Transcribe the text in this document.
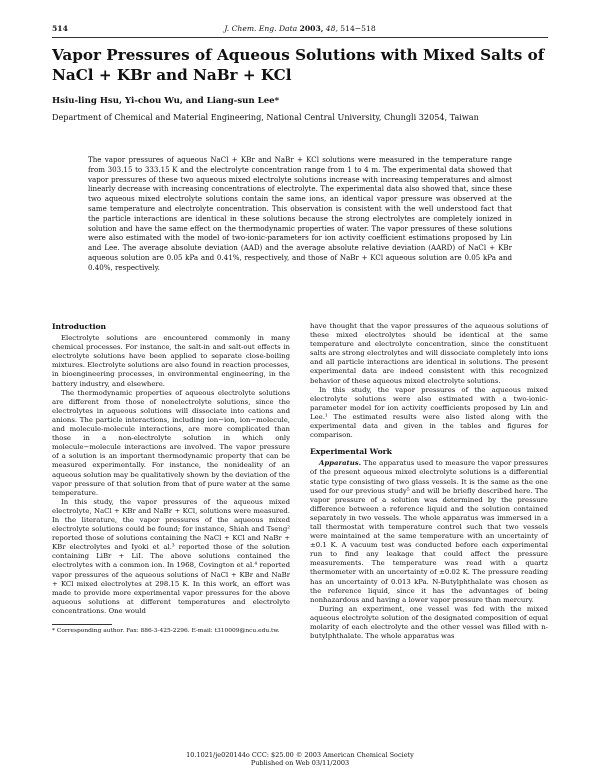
514	J. Chem. Eng. Data 2003, 48, 514−518
Vapor Pressures of Aqueous Solutions with Mixed Salts of NaCl + KBr and NaBr + KCl
Hsiu-ling Hsu, Yi-chou Wu, and Liang-sun Lee*
Department of Chemical and Material Engineering, National Central University, Chungli 32054, Taiwan

The vapor pressures of aqueous NaCl + KBr and NaBr + KCl solutions were measured in the temperature range from 303.15 to 333.15 K and the electrolyte concentration range from 1 to 4 m. The experimental data showed that vapor pressures of these two aqueous mixed electrolyte solutions increase with increasing temperatures and almost linearly decrease with increasing concentrations of electrolyte. The experimental data also showed that, since these two aqueous mixed electrolyte solutions contain the same ions, an identical vapor pressure was observed at the same temperature and electrolyte concentration. This observation is consistent with the well understood fact that the particle interactions are identical in these solutions because the strong electrolytes are completely ionized in solution and have the same effect on the thermodynamic properties of water. The vapor pressures of these solutions were also estimated with the model of two-ionic-parameters for ion activity coefficient estimations proposed by Lin and Lee. The average absolute deviation (AAD) and the average absolute relative deviation (AARD) of NaCl + KBr aqueous solution are 0.05 kPa and 0.41%, respectively, and those of NaBr + KCl aqueous solution are 0.05 kPa and 0.40%, respectively.

Introduction

Electrolyte solutions are encountered commonly in many chemical processes. For instance, the salt-in and salt-out effects in electrolyte solutions have been applied to separate close-boiling mixtures. Electrolyte solutions are also found in reaction processes, in bioengineering processes, in environmental engineering, in the battery industry, and elsewhere.

The thermodynamic properties of aqueous electrolyte solutions are different from those of nonelectrolyte solutions, since the electrolytes in aqueous solutions will dissociate into cations and anions. The particle interactions, including ion−ion, ion−molecule, and molecule-molecule interactions, are more complicated than those in a non-electrolyte solution in which only molecule−molecule interactions are involved. The vapor pressure of a solution is an important thermodynamic property that can be measured experimentally. For instance, the nonideality of an aqueous solution may be qualitatively shown by the deviation of the vapor pressure of that solution from that of pure water at the same temperature.

In this study, the vapor pressures of the aqueous mixed electrolyte, NaCl + KBr and NaBr + KCl, solutions were measured. In the literature, the vapor pressures of the aqueous mixed electrolyte solutions could be found; for instance, Shiah and Tseng² reported those of solutions containing the NaCl + KCl and NaBr + KBr electrolytes and Iyoki et al.³ reported those of the solution containing LiBr + LiI. The above solutions contained the electrolytes with a common ion. In 1968, Covington et al.⁴ reported vapor pressures of the aqueous solutions of NaCl + KBr and NaBr + KCl mixed electrolytes at 298.15 K. In this work, an effort was made to provide more experimental vapor pressures for the above aqueous solutions at different temperatures and electrolyte concentrations. One would

* Corresponding author. Fax: 886-3-425-2296. E-mail: t310009@ncu.edu.tw.

have thought that the vapor pressures of the aqueous solutions of these mixed electrolytes should be identical at the same temperature and electrolyte concentration, since the constituent salts are strong electrolytes and will dissociate completely into ions and all particle interactions are identical in solutions. The present experimental data are indeed consistent with this recognized behavior of these aqueous mixed electrolyte solutions.

In this study, the vapor pressures of the aqueous mixed electrolyte solutions were also estimated with a two-ionic-parameter model for ion activity coefficients proposed by Lin and Lee.¹ The estimated results were also listed along with the experimental data and given in the tables and figures for comparison.

Experimental Work

Apparatus. The apparatus used to measure the vapor pressures of the present aqueous mixed electrolyte solutions is a differential static type consisting of two glass vessels. It is the same as the one used for our previous study⁵ and will be briefly described here. The vapor pressure of a solution was determined by the pressure difference between a reference liquid and the solution contained separately in two vessels. The whole apparatus was immersed in a tall thermostat with temperature control such that two vessels were maintained at the same temperature with an uncertainty of ±0.1 K. A vacuum test was conducted before each experimental run to find any leakage that could affect the pressure measurements. The temperature was read with a quartz thermometer with an uncertainty of ±0.02 K. The pressure reading has an uncertainty of 0.013 kPa. N-Butylphthalate was chosen as the reference liquid, since it has the advantages of being nonhazardous and having a lower vapor pressure than mercury.

During an experiment, one vessel was fed with the mixed aqueous electrolyte solution of the designated composition of equal molarity of each electrolyte and the other vessel was filled with n-butylphthalate. The whole apparatus was

10.1021/je020144o CCC: $25.00 © 2003 American Chemical Society
Published on Web 03/11/2003
